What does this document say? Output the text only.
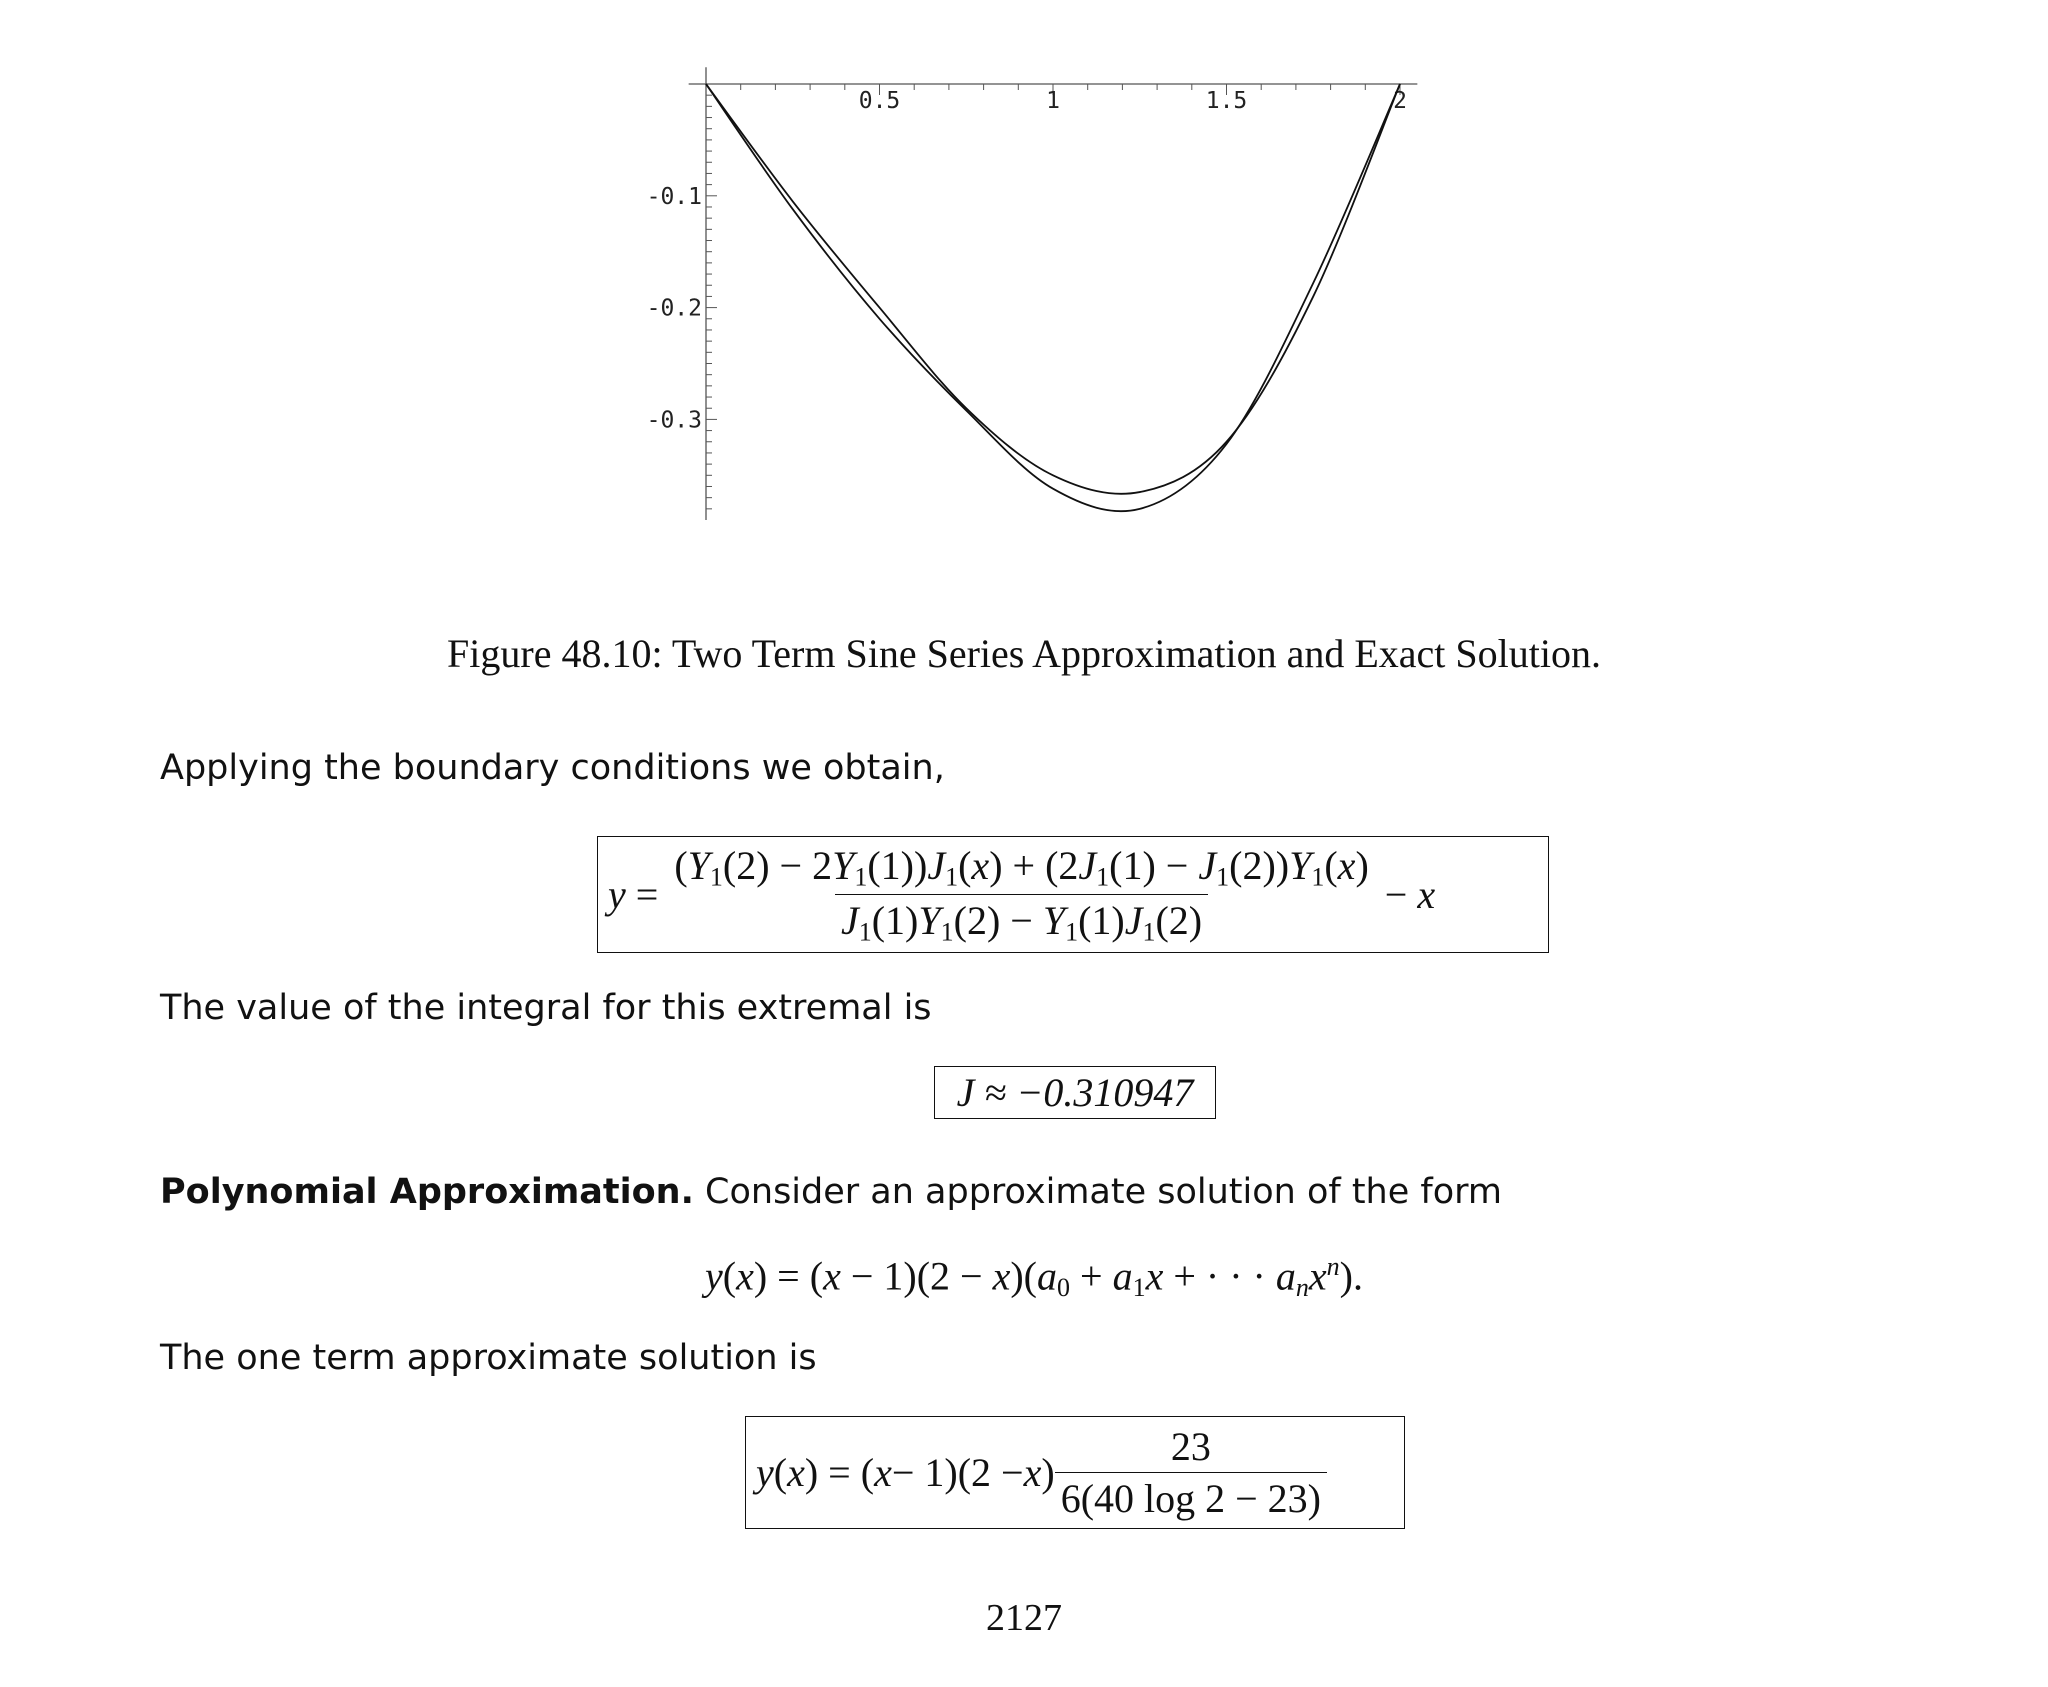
0.5	1	1.5	2
-0.1
-0.2
-0.3
Figure 48.10: Two Term Sine Series Approximation and Exact Solution.
Applying the boundary conditions we obtain,
$y = \frac{(Y_1(2) - 2Y_1(1))J_1(x) + (2J_1(1) - J_1(2))Y_1(x)}{J_1(1)Y_1(2) - Y_1(1)J_1(2)} - x$
The value of the integral for this extremal is
J ≈ −0.310947
Polynomial Approximation. Consider an approximate solution of the form
$y(x) = (x - 1)(2 - x)(a_0 + a_1x$ + · · · $a_nx^n$).
The one term approximate solution is
y ( x ) = ( x − 1)(2 − x ) $\frac{23}{6(40 \log 2 - 23)}$
2127
